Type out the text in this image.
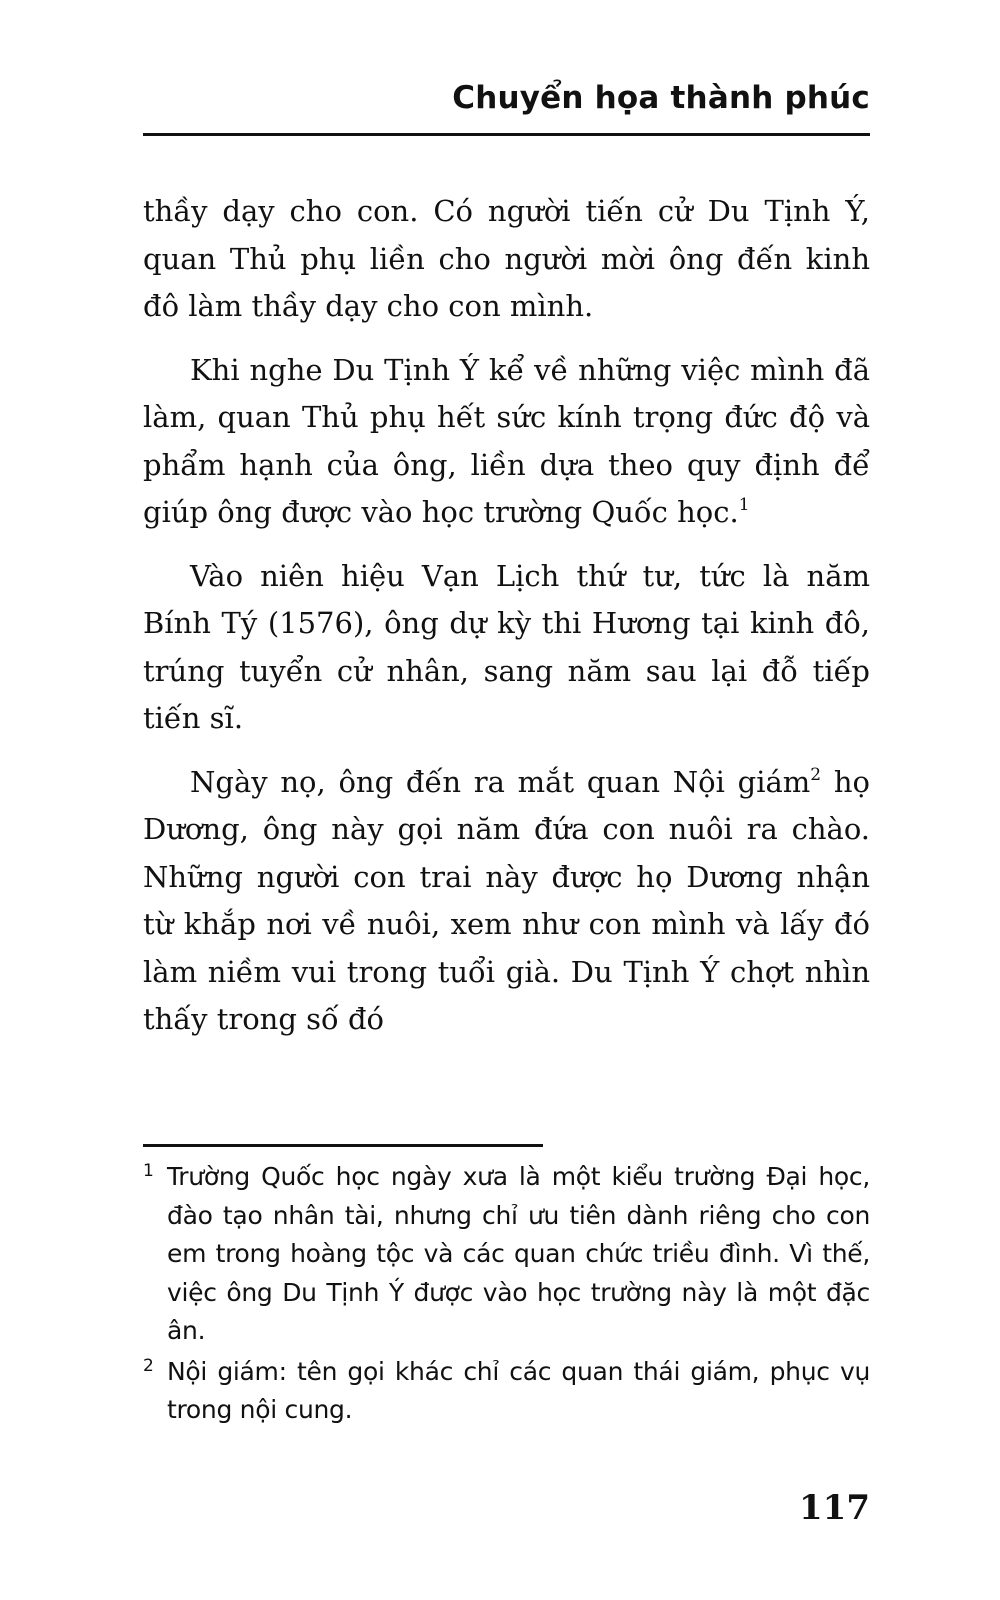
Chuyển họa thành phúc

thầy dạy cho con. Có người tiến cử Du Tịnh Ý, quan Thủ phụ liền cho người mời ông đến kinh đô làm thầy dạy cho con mình.

Khi nghe Du Tịnh Ý kể về những việc mình đã làm, quan Thủ phụ hết sức kính trọng đức độ và phẩm hạnh của ông, liền dựa theo quy định để giúp ông được vào học trường Quốc học.$^1$

Vào niên hiệu Vạn Lịch thứ tư, tức là năm Bính Tý (1576), ông dự kỳ thi Hương tại kinh đô, trúng tuyển cử nhân, sang năm sau lại đỗ tiếp tiến sĩ.

Ngày nọ, ông đến ra mắt quan Nội giám$^2$ họ Dương, ông này gọi năm đứa con nuôi ra chào. Những người con trai này được họ Dương nhận từ khắp nơi về nuôi, xem như con mình và lấy đó làm niềm vui trong tuổi già. Du Tịnh Ý chợt nhìn thấy trong số đó

1 Trường Quốc học ngày xưa là một kiểu trường Đại học, đào tạo nhân tài, nhưng chỉ ưu tiên dành riêng cho con em trong hoàng tộc và các quan chức triều đình. Vì thế, việc ông Du Tịnh Ý được vào học trường này là một đặc ân.
2 Nội giám: tên gọi khác chỉ các quan thái giám, phục vụ trong nội cung.
117
